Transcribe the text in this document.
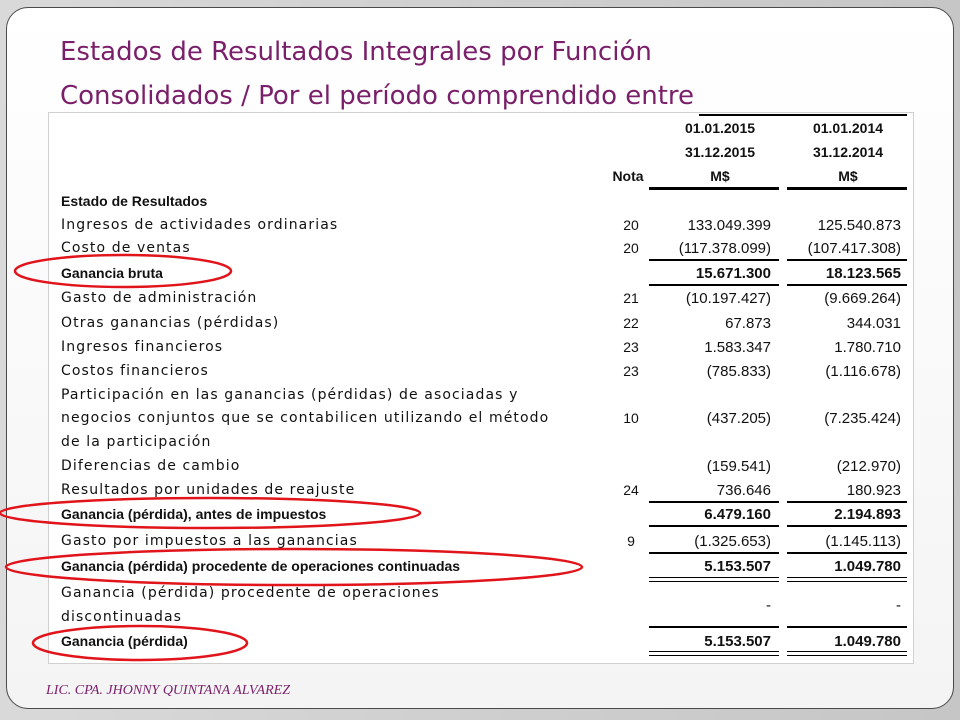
Estados de Resultados Integrales por Función
Consolidados / Por el período comprendido entre
01.01.2015	01.01.2014
31.12.2015	31.12.2014
Nota	M$	M$
Estado de Resultados
Ingresos de actividades ordinarias	20	133.049.399	125.540.873
Costo de ventas	20	(117.378.099)	(107.417.308)
Ganancia bruta	15.671.300	18.123.565
Gasto de administración	21	(10.197.427)	(9.669.264)
Otras ganancias (pérdidas)	22	67.873	344.031
Ingresos financieros	23	1.583.347	1.780.710
Costos financieros	23	(785.833)	(1.116.678)
Participación en las ganancias (pérdidas) de asociadas y
negocios conjuntos que se contabilicen utilizando el método	10	(437.205)	(7.235.424)
de la participación
Diferencias de cambio	(159.541)	(212.970)
Resultados por unidades de reajuste	24	736.646	180.923
Ganancia (pérdida), antes de impuestos	6.479.160	2.194.893
Gasto por impuestos a las ganancias	9	(1.325.653)	(1.145.113)
Ganancia (pérdida) procedente de operaciones continuadas	5.153.507	1.049.780
Ganancia (pérdida) procedente de operaciones
discontinuadas
-	-
Ganancia (pérdida)	5.153.507	1.049.780
LIC. CPA. JHONNY QUINTANA ALVAREZ
